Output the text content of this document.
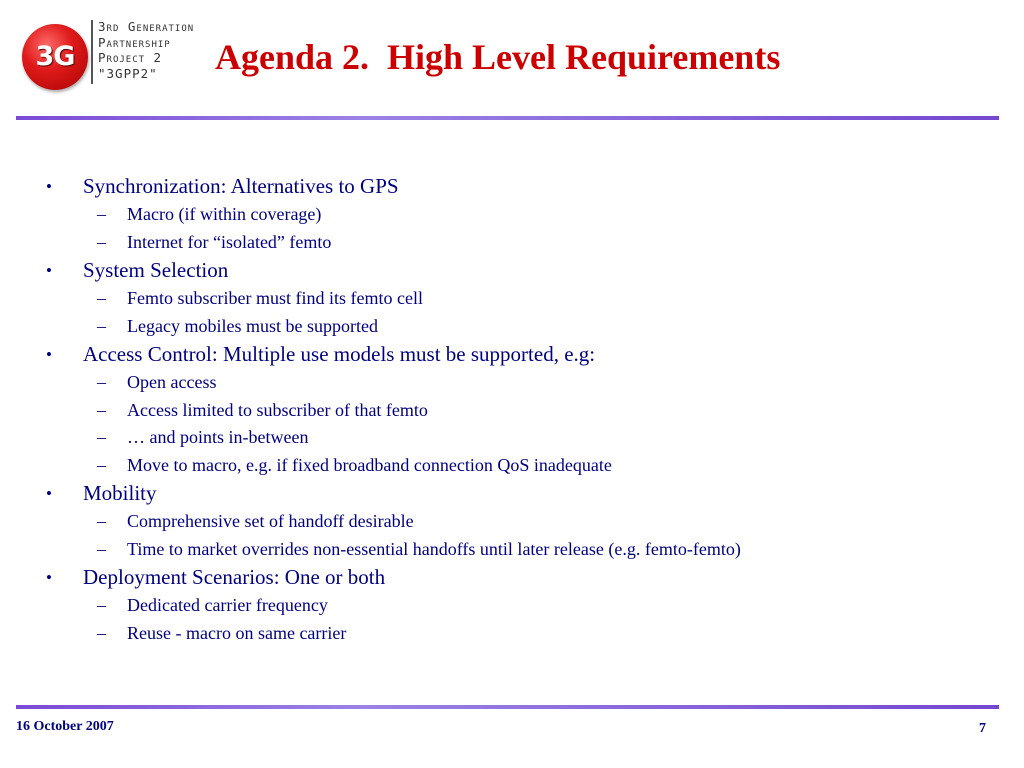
3G
3rd Generation
Partnership
Project 2
"3GPP2"	Agenda 2.  High Level Requirements
• Synchronization: Alternatives to GPS
– Macro (if within coverage)
– Internet for “isolated” femto
• System Selection
– Femto subscriber must find its femto cell
– Legacy mobiles must be supported
• Access Control: Multiple use models must be supported, e.g:
– Open access
– Access limited to subscriber of that femto
– … and points in-between
– Move to macro, e.g. if fixed broadband connection QoS inadequate
• Mobility
– Comprehensive set of handoff desirable
– Time to market overrides non-essential handoffs until later release (e.g. femto-femto)
• Deployment Scenarios: One or both
– Dedicated carrier frequency
– Reuse - macro on same carrier
16 October 2007	7
